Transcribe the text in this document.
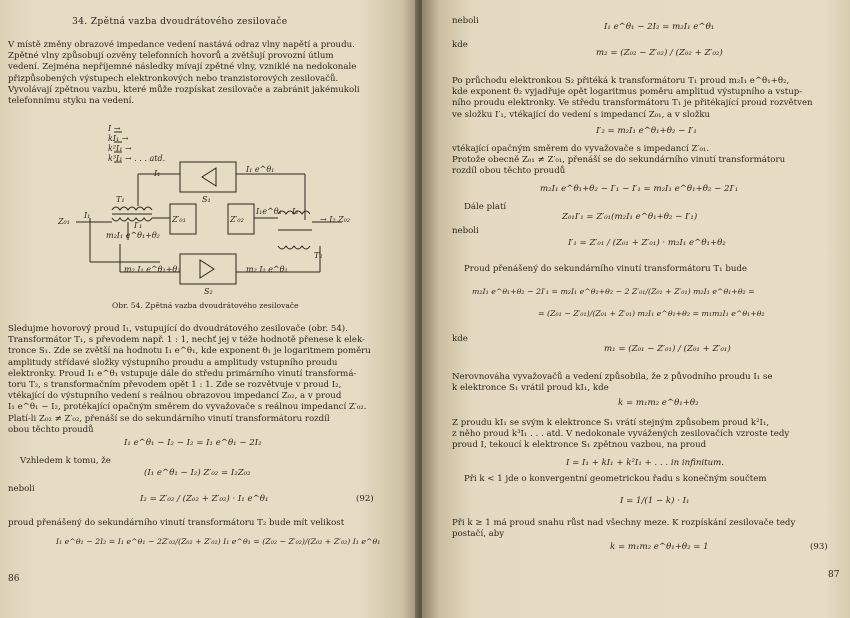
34. Zpětná vazba dvoudrátového zesilovače
V místě změny obrazové impedance vedení nastává odraz vlny napětí a proudu.
Zpětné vlny způsobují ozvěny telefonních hovorů a zvětšují provozní útlum
vedení. Zejména nepříjemné následky mívají zpětné vlny, vzniklé na nedokonale
přizpůsobených výstupech elektronkových nebo tranzistorových zesilovačů.
Vyvolávají zpětnou vazbu, které může rozpískat zesilovače a zabránit jakémukoli
telefonnímu styku na vedení.
I →
kI₁ →
k²I₁ →
k³I₁ → . . . atd.
I₁	I₁ e^θ₁
S₁
T₁
Z₀₁
I₁
I′₁
Z′₀₁	Z′₀₂
I₁e^θ₁ I₂
→ I₂ Z₀₂
m₂I₁ e^θ₁+θ₂
T₂
m₂ I₁ e^θ₁+θ₂	m₂ I₁ e^θ₁
S₂
Obr. 54. Zpětná vazba dvoudrátového zesilovače
Sledujme hovorový proud I₁, vstupující do dvoudrátového zesilovače (obr. 54).
Transformátor T₁, s převodem např. 1 : 1, nechť jej v téže hodnotě přenese k elek-
tronce S₁. Zde se zvětší na hodnotu I₁ e^θ₁, kde exponent θ₁ je logaritmem poměru
amplitudy střídavé složky výstupního proudu a amplitudy vstupního proudu
elektronky. Proud I₁ e^θ₁ vstupuje dále do středu primárního vinutí transformá-
toru T₂, s transformačním převodem opět 1 : 1. Zde se rozvětvuje v proud I₂,
vtékající do výstupního vedení s reálnou obrazovou impedancí Z₀₂, a v proud
I₁ e^θ₁ − I₂, protékající opačným směrem do vyvažovače s reálnou impedancí Z′₀₂.
Platí-li Z₀₂ ≠ Z′₀₂, přenáší se do sekundárního vinutí transformátoru rozdíl
obou těchto proudů
I₁ e^θ₁ − I₂ − I₂ = I₁ e^θ₁ − 2I₂
Vzhledem k tomu, že
(I₁ e^θ₁ − I₂) Z′₀₂ = I₂Z₀₂
neboli
I₂ = Z′₀₂ / (Z₀₂ + Z′₀₂) · I₁ e^θ₁	(92)
proud přenášený do sekundárního vinutí transformátoru T₂ bude mít velikost
I₁ e^θ₁ − 2I₂ = I₁ e^θ₁ − 2Z′₀₂/(Z₀₂ + Z′₀₂) I₁ e^θ₁ = (Z₀₂ − Z′₀₂)/(Z₀₂ + Z′₀₂) I₁ e^θ₁
86
neboli
I₁ e^θ₁ − 2I₂ = m₂I₁ e^θ₁
kde
m₂ = (Z₀₂ − Z′₀₂) / (Z₀₂ + Z′₀₂)
Po průchodu elektronkou S₂ přitéká k transformátoru T₁ proud m₂I₁ e^θ₁+θ₂,
kde exponent θ₂ vyjadřuje opět logaritmus poměru amplitud výstupního a vstup-
ního proudu elektronky. Ve středu transformátoru T₁ je přitékající proud rozvětven
ve složku I′₁, vtékající do vedení s impedancí Z₀₁, a v složku
I′₂ = m₂I₁ e^θ₁+θ₂ − I′₁
vtékající opačným směrem do vyvažovače s impedancí Z′₀₁.
Protože obecně Z₀₁ ≠ Z′₀₁, přenáší se do sekundárního vinutí transformátoru
rozdíl obou těchto proudů
m₂I₁ e^θ₁+θ₂ − I′₁ − I′₁ = m₂I₁ e^θ₁+θ₂ − 2I′₁
Dále platí
Z₀₁I′₁ = Z′₀₁(m₂I₁ e^θ₁+θ₂ − I′₁)
neboli
I′₁ = Z′₀₁ / (Z₀₁ + Z′₀₁) · m₂I₁ e^θ₁+θ₂
Proud přenášený do sekundárního vinutí transformátoru T₁ bude
m₂I₁ e^θ₁+θ₂ − 2I′₁ = m₂I₁ e^θ₁+θ₂ − 2 Z′₀₁/(Z₀₁ + Z′₀₁) m₂I₁ e^θ₁+θ₂ =
= (Z₀₁ − Z′₀₁)/(Z₀₁ + Z′₀₁) m₂I₁ e^θ₁+θ₂ = m₁m₂I₁ e^θ₁+θ₂
kde
m₁ = (Z₀₁ − Z′₀₁) / (Z₀₁ + Z′₀₁)
Nerovnováha vyvažovačů a vedení způsobila, že z původního proudu I₁ se
k elektronce S₁ vrátil proud kI₁, kde
k = m₁m₂ e^θ₁+θ₂
Z proudu kI₁ se svým k elektronce S₁ vrátí stejným způsobem proud k²I₁,
z něho proud k³I₁ . . . atd. V nedokonale vyvážených zesilovačích vzroste tedy
proud I, tekoucí k elektronce S₁ zpětnou vazbou, na proud
I = I₁ + kI₁ + k²I₁ + . . . in infinitum.
Při k < 1 jde o konvergentní geometrickou řadu s konečným součtem
I = 1/(1 − k) · I₁
Při k ≥ 1 má proud snahu růst nad všechny meze. K rozpískání zesilovače tedy
postačí, aby
k = m₁m₂ e^θ₁+θ₂ = 1	(93)
87
